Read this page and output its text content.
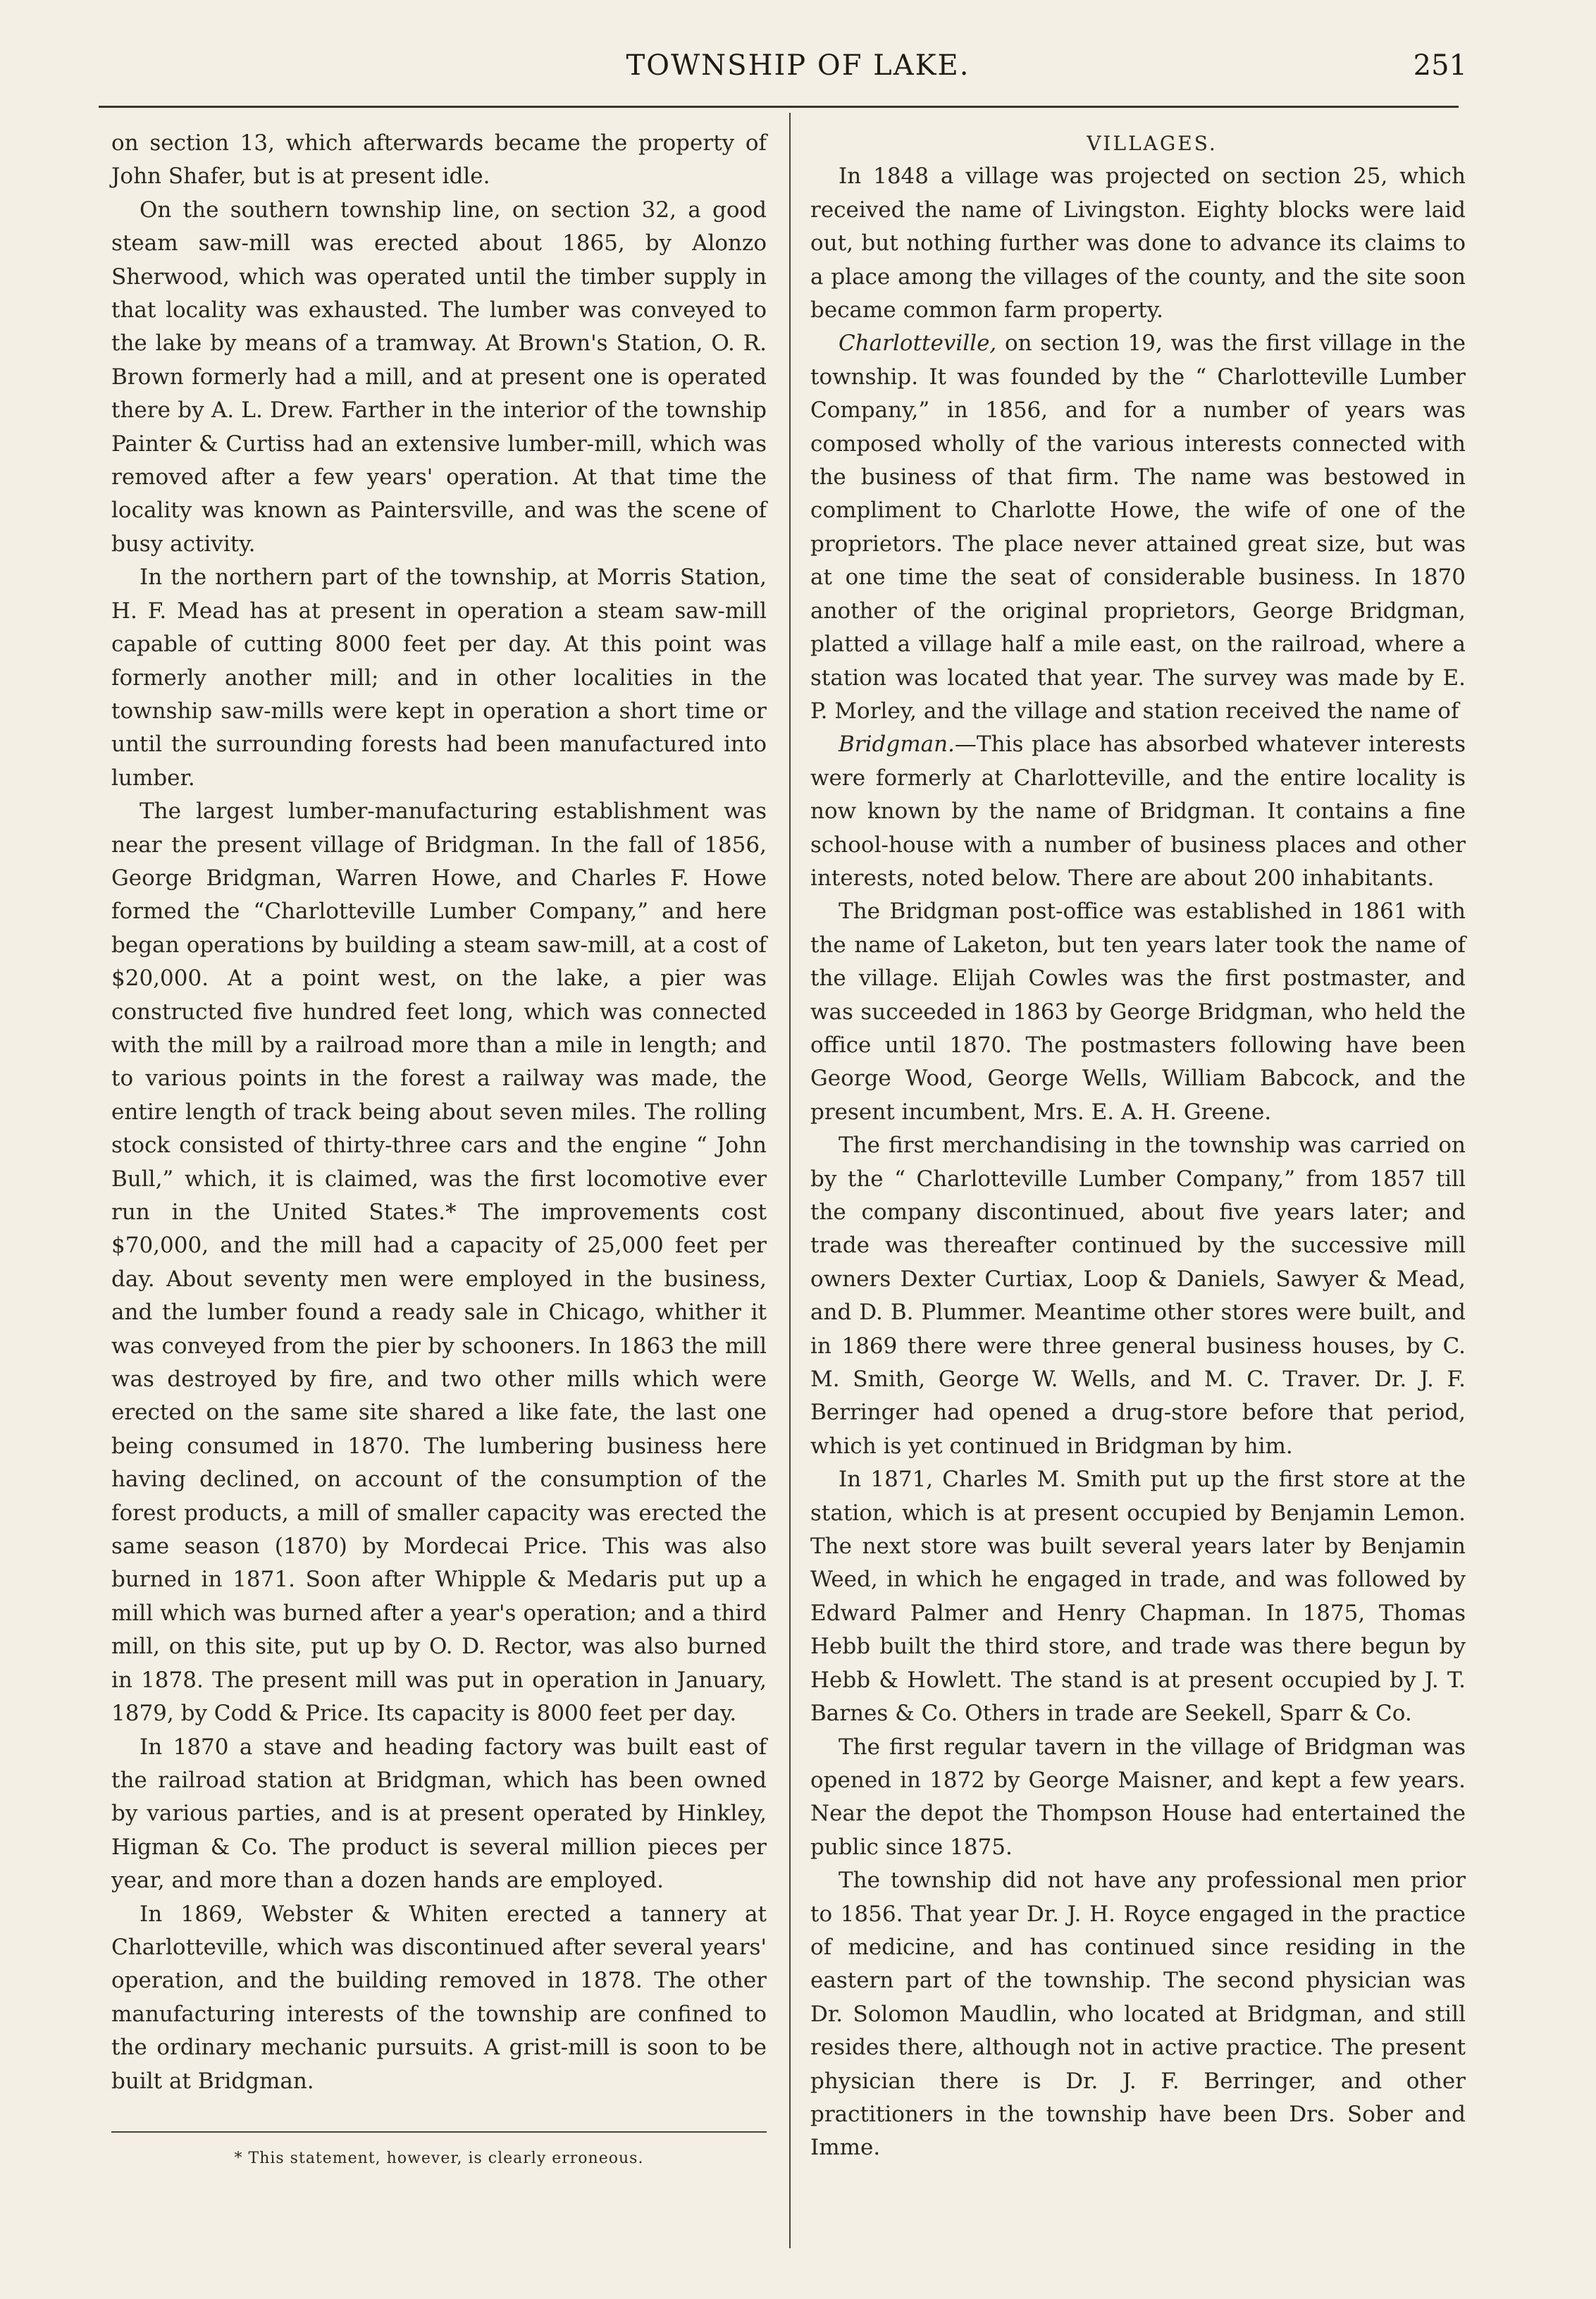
TOWNSHIP OF LAKE.	251

on section 13, which afterwards became the property of John Shafer, but is at present idle.

On the southern township line, on section 32, a good steam saw-mill was erected about 1865, by Alonzo Sherwood, which was operated until the timber supply in that locality was exhausted. The lumber was conveyed to the lake by means of a tramway. At Brown's Station, O. R. Brown formerly had a mill, and at present one is operated there by A. L. Drew. Farther in the interior of the township Painter & Curtiss had an extensive lumber-mill, which was removed after a few years' operation. At that time the locality was known as Paintersville, and was the scene of busy activity.

In the northern part of the township, at Morris Station, H. F. Mead has at present in operation a steam saw-mill capable of cutting 8000 feet per day. At this point was formerly another mill; and in other localities in the township saw-mills were kept in operation a short time or until the surrounding forests had been manufactured into lumber.

The largest lumber-manufacturing establishment was near the present village of Bridgman. In the fall of 1856, George Bridgman, Warren Howe, and Charles F. Howe formed the “Charlotteville Lumber Company,” and here began operations by building a steam saw-mill, at a cost of $20,000. At a point west, on the lake, a pier was constructed five hundred feet long, which was connected with the mill by a railroad more than a mile in length; and to various points in the forest a railway was made, the entire length of track being about seven miles. The rolling stock consisted of thirty-three cars and the engine “ John Bull,” which, it is claimed, was the first locomotive ever run in the United States.* The improvements cost $70,000, and the mill had a capacity of 25,000 feet per day. About seventy men were employed in the business, and the lumber found a ready sale in Chicago, whither it was conveyed from the pier by schooners. In 1863 the mill was destroyed by fire, and two other mills which were erected on the same site shared a like fate, the last one being consumed in 1870. The lumbering business here having declined, on account of the consumption of the forest products, a mill of smaller capacity was erected the same season (1870) by Mordecai Price. This was also burned in 1871. Soon after Whipple & Medaris put up a mill which was burned after a year's operation; and a third mill, on this site, put up by O. D. Rector, was also burned in 1878. The present mill was put in operation in January, 1879, by Codd & Price. Its capacity is 8000 feet per day.

In 1870 a stave and heading factory was built east of the railroad station at Bridgman, which has been owned by various parties, and is at present operated by Hinkley, Higman & Co. The product is several million pieces per year, and more than a dozen hands are employed.

In 1869, Webster & Whiten erected a tannery at Charlotteville, which was discontinued after several years' operation, and the building removed in 1878. The other manufacturing interests of the township are confined to the ordinary mechanic pursuits. A grist-mill is soon to be built at Bridgman.

* This statement, however, is clearly erroneous.

VILLAGES.

In 1848 a village was projected on section 25, which received the name of Livingston. Eighty blocks were laid out, but nothing further was done to advance its claims to a place among the villages of the county, and the site soon became common farm property.

Charlotteville, on section 19, was the first village in the township. It was founded by the “ Charlotteville Lumber Company,” in 1856, and for a number of years was composed wholly of the various interests connected with the business of that firm. The name was bestowed in compliment to Charlotte Howe, the wife of one of the proprietors. The place never attained great size, but was at one time the seat of considerable business. In 1870 another of the original proprietors, George Bridgman, platted a village half a mile east, on the railroad, where a station was located that year. The survey was made by E. P. Morley, and the village and station received the name of

Bridgman.—This place has absorbed whatever interests were formerly at Charlotteville, and the entire locality is now known by the name of Bridgman. It contains a fine school-house with a number of business places and other interests, noted below. There are about 200 inhabitants.

The Bridgman post-office was established in 1861 with the name of Laketon, but ten years later took the name of the village. Elijah Cowles was the first postmaster, and was succeeded in 1863 by George Bridgman, who held the office until 1870. The postmasters following have been George Wood, George Wells, William Babcock, and the present incumbent, Mrs. E. A. H. Greene.

The first merchandising in the township was carried on by the “ Charlotteville Lumber Company,” from 1857 till the company discontinued, about five years later; and trade was thereafter continued by the successive mill owners Dexter Curtiax, Loop & Daniels, Sawyer & Mead, and D. B. Plummer. Meantime other stores were built, and in 1869 there were three general business houses, by C. M. Smith, George W. Wells, and M. C. Traver. Dr. J. F. Berringer had opened a drug-store before that period, which is yet continued in Bridgman by him.

In 1871, Charles M. Smith put up the first store at the station, which is at present occupied by Benjamin Lemon. The next store was built several years later by Benjamin Weed, in which he engaged in trade, and was followed by Edward Palmer and Henry Chapman. In 1875, Thomas Hebb built the third store, and trade was there begun by Hebb & Howlett. The stand is at present occupied by J. T. Barnes & Co. Others in trade are Seekell, Sparr & Co.

The first regular tavern in the village of Bridgman was opened in 1872 by George Maisner, and kept a few years. Near the depot the Thompson House had entertained the public since 1875.

The township did not have any professional men prior to 1856. That year Dr. J. H. Royce engaged in the practice of medicine, and has continued since residing in the eastern part of the township. The second physician was Dr. Solomon Maudlin, who located at Bridgman, and still resides there, although not in active practice. The present physician there is Dr. J. F. Berringer, and other practitioners in the township have been Drs. Sober and Imme.
